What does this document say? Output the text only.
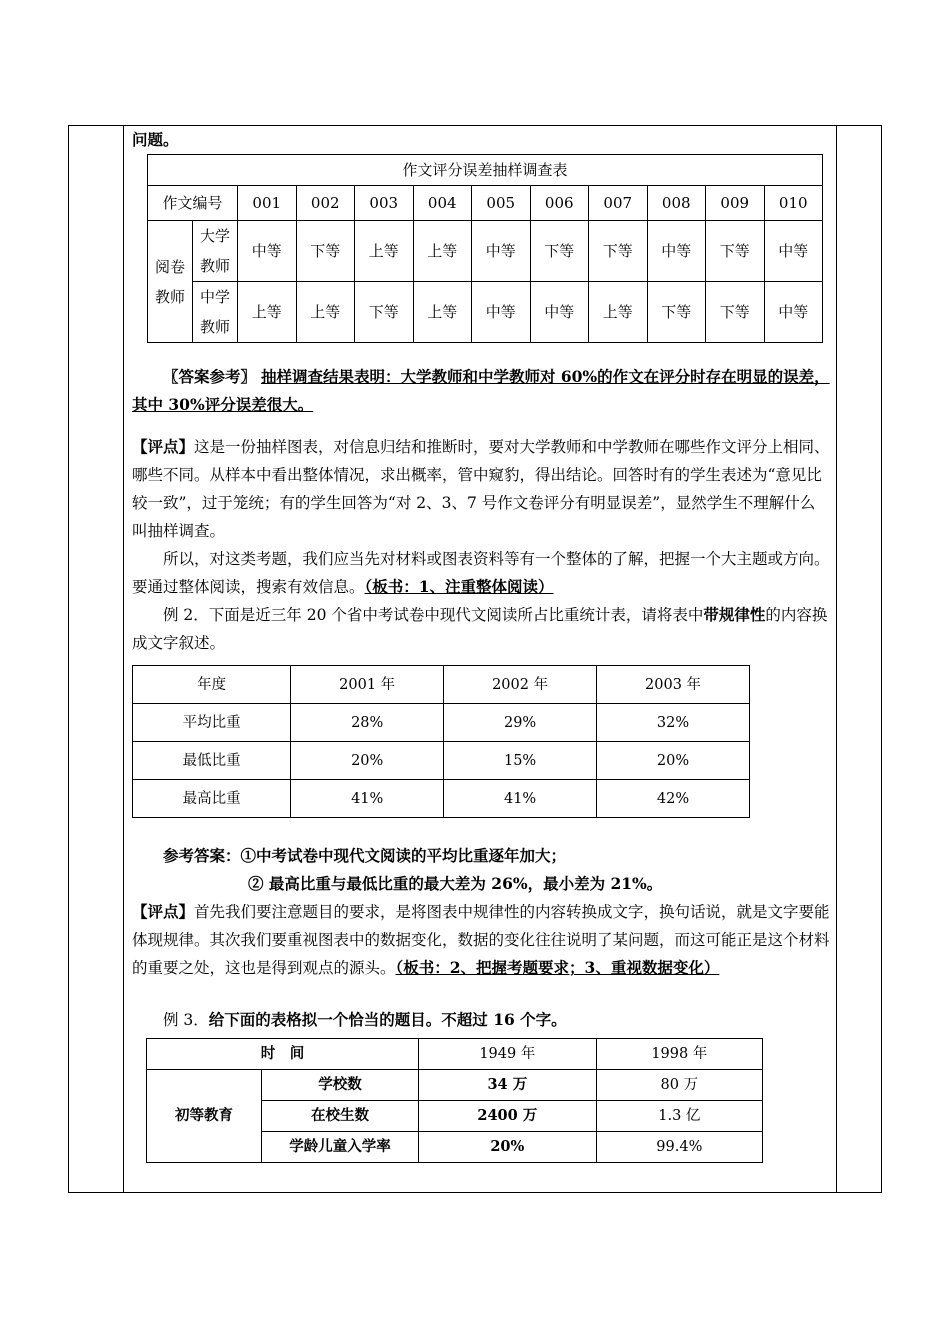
问题。

作文评分误差抽样调查表											
作文编号		001	002	003	004	005	006	007	008	009	010
阅卷教师	大学教师	中等	下等	上等	上等	中等	下等	下等	中等	下等	中等
	中学教师	上等	上等	下等	上等	中等	中等	上等	下等	下等	中等

〖答案参考〗 抽样调查结果表明：大学教师和中学教师对 60%的作文在评分时存在明显的误差，其中 30%评分误差很大。

【评点】这是一份抽样图表，对信息归结和推断时，要对大学教师和中学教师在哪些作文评分上相同、哪些不同。从样本中看出整体情况，求出概率，管中窥豹，得出结论。回答时有的学生表述为“意见比较一致”，过于笼统；有的学生回答为“对 2、3、7 号作文卷评分有明显误差”，显然学生不理解什么叫抽样调查。

所以，对这类考题，我们应当先对材料或图表资料等有一个整体的了解，把握一个大主题或方向。要通过整体阅读，搜索有效信息。（板书：1、注重整体阅读）

例 2．下面是近三年 20 个省中考试卷中现代文阅读所占比重统计表，请将表中带规律性的内容换成文字叙述。

年度	2001 年	2002 年	2003 年
平均比重	28%	29%	32%
最低比重	20%	15%	20%
最高比重	41%	41%	42%

参考答案：①中考试卷中现代文阅读的平均比重逐年加大；

② 最高比重与最低比重的最大差为 26%，最小差为 21%。

【评点】首先我们要注意题目的要求，是将图表中规律性的内容转换成文字，换句话说，就是文字要能体现规律。其次我们要重视图表中的数据变化，数据的变化往往说明了某问题，而这可能正是这个材料的重要之处，这也是得到观点的源头。（板书：2、把握考题要求；3、重视数据变化）

例 3．给下面的表格拟一个恰当的题目。不超过 16 个字。

时　间		1949 年	1998 年
初等教育	学校数	34 万	80 万
	在校生数	2400 万	1.3 亿
	学龄儿童入学率	20%	99.4%
